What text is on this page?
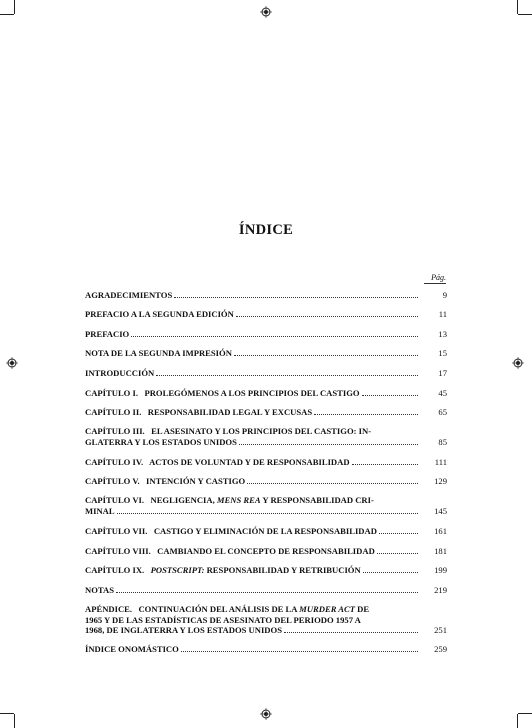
ÍNDICE
Pág.
AGRADECIMIENTOS	9
PREFACIO A LA SEGUNDA EDICIÓN	11
PREFACIO	13
NOTA DE LA SEGUNDA IMPRESIÓN	15
INTRODUCCIÓN	17
CAPÍTULO I.   PROLEGÓMENOS A LOS PRINCIPIOS DEL CASTIGO	45
CAPÍTULO II.   RESPONSABILIDAD LEGAL Y EXCUSAS	65
CAPÍTULO III.   EL ASESINATO Y LOS PRINCIPIOS DEL CASTIGO: IN-
GLATERRA Y LOS ESTADOS UNIDOS	85
CAPÍTULO IV.   ACTOS DE VOLUNTAD Y DE RESPONSABILIDAD	111
CAPÍTULO V.   INTENCIÓN Y CASTIGO	129
CAPÍTULO VI.   NEGLIGENCIA, MENS REA Y RESPONSABILIDAD CRI-
MINAL	145
CAPÍTULO VII.   CASTIGO Y ELIMINACIÓN DE LA RESPONSABILIDAD	161
CAPÍTULO VIII.   CAMBIANDO EL CONCEPTO DE RESPONSABILIDAD	181
CAPÍTULO IX.   POSTSCRIPT: RESPONSABILIDAD Y RETRIBUCIÓN	199
NOTAS	219
APÉNDICE.   CONTINUACIÓN DEL ANÁLISIS DE LA MURDER ACT DE
1965 Y DE LAS ESTADÍSTICAS DE ASESINATO DEL PERIODO 1957 A
1968, DE INGLATERRA Y LOS ESTADOS UNIDOS	251
ÍNDICE ONOMÁSTICO	259
